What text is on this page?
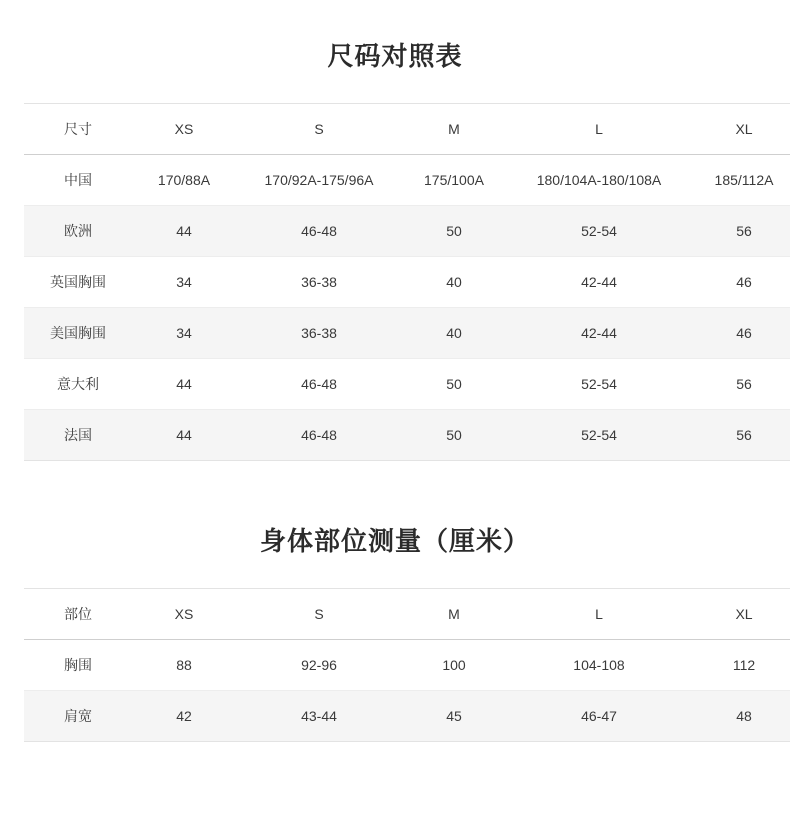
尺码对照表
尺寸	XS	S	M	L	XL
中国	170/88A	170/92A-175/96A	175/100A	180/104A-180/108A	185/112A
欧洲	44	46-48	50	52-54	56
英国胸围	34	36-38	40	42-44	46
美国胸围	34	36-38	40	42-44	46
意大利	44	46-48	50	52-54	56
法国	44	46-48	50	52-54	56
身体部位测量（厘米）
部位	XS	S	M	L	XL
胸围	88	92-96	100	104-108	112
肩宽	42	43-44	45	46-47	48
